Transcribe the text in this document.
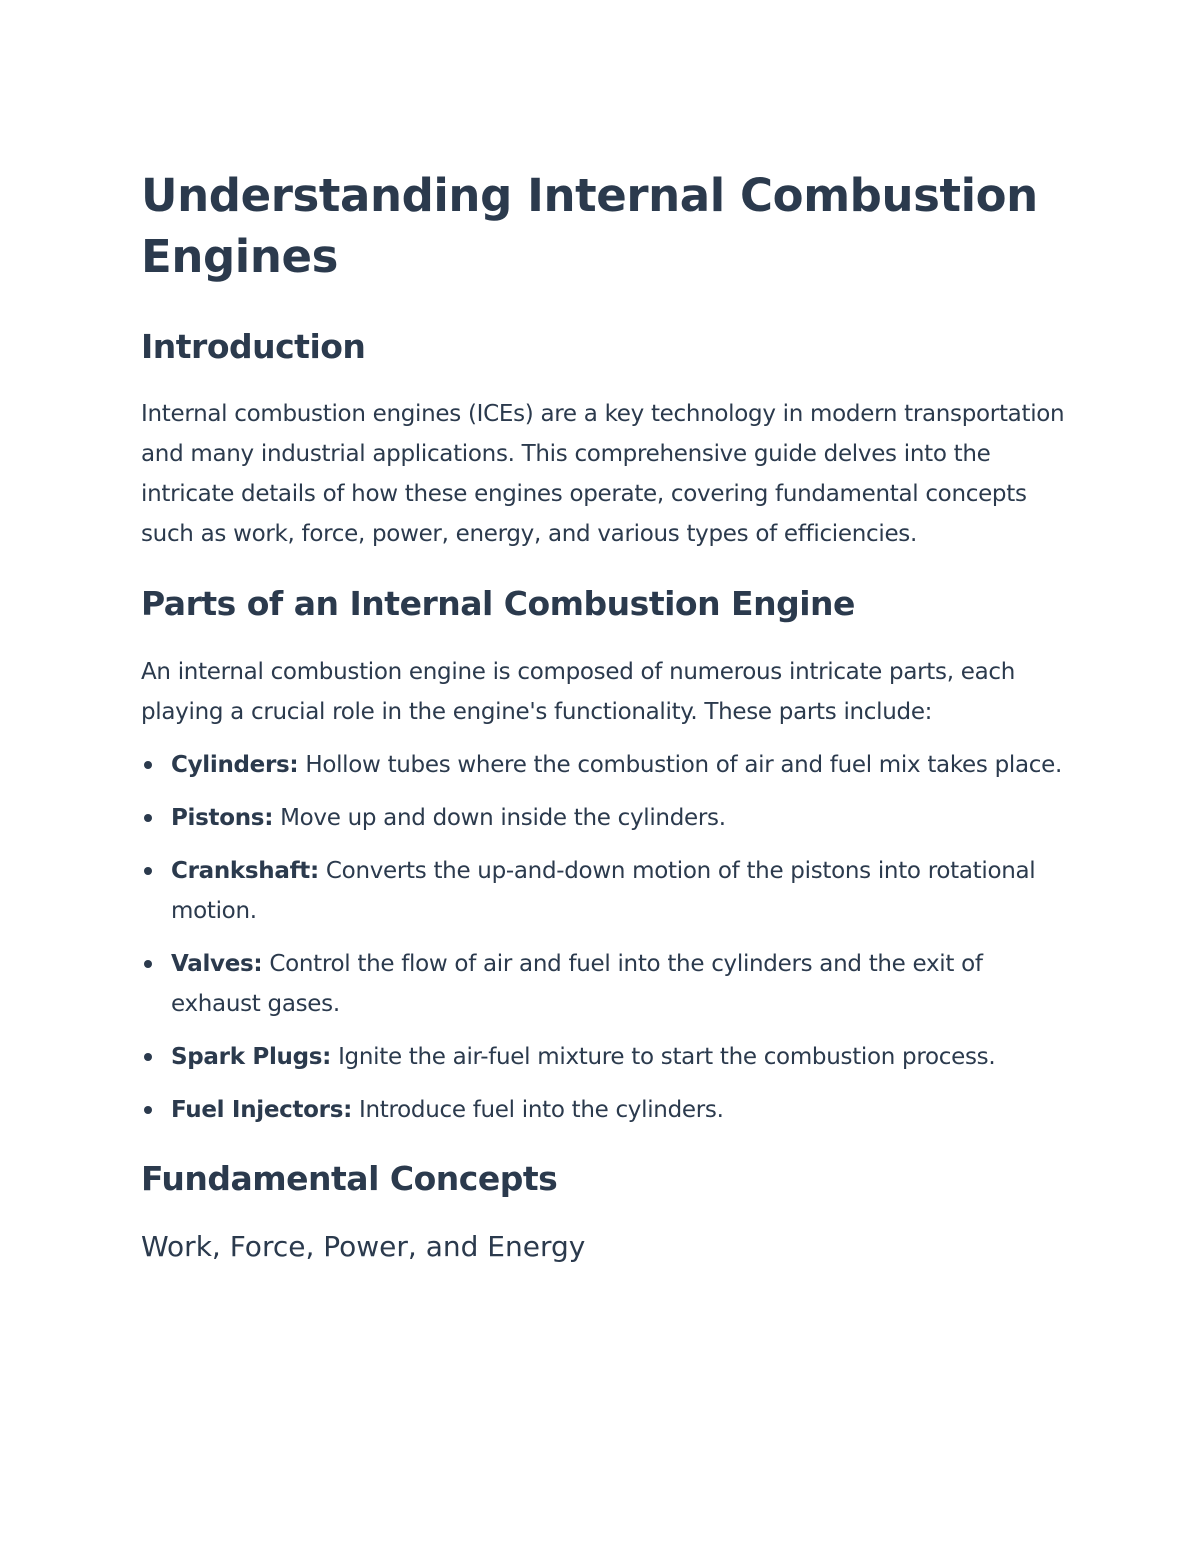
Understanding Internal Combustion Engines
Introduction

Internal combustion engines (ICEs) are a key technology in modern transportation and many industrial applications. This comprehensive guide delves into the intricate details of how these engines operate, covering fundamental concepts such as work, force, power, energy, and various types of efficiencies.

Parts of an Internal Combustion Engine

An internal combustion engine is composed of numerous intricate parts, each playing a crucial role in the engine's functionality. These parts include:

Cylinders: Hollow tubes where the combustion of air and fuel mix takes place.
Pistons: Move up and down inside the cylinders.
Crankshaft: Converts the up-and-down motion of the pistons into rotational motion.
Valves: Control the flow of air and fuel into the cylinders and the exit of exhaust gases.
Spark Plugs: Ignite the air-fuel mixture to start the combustion process.
Fuel Injectors: Introduce fuel into the cylinders.
Fundamental Concepts
Work, Force, Power, and Energy
